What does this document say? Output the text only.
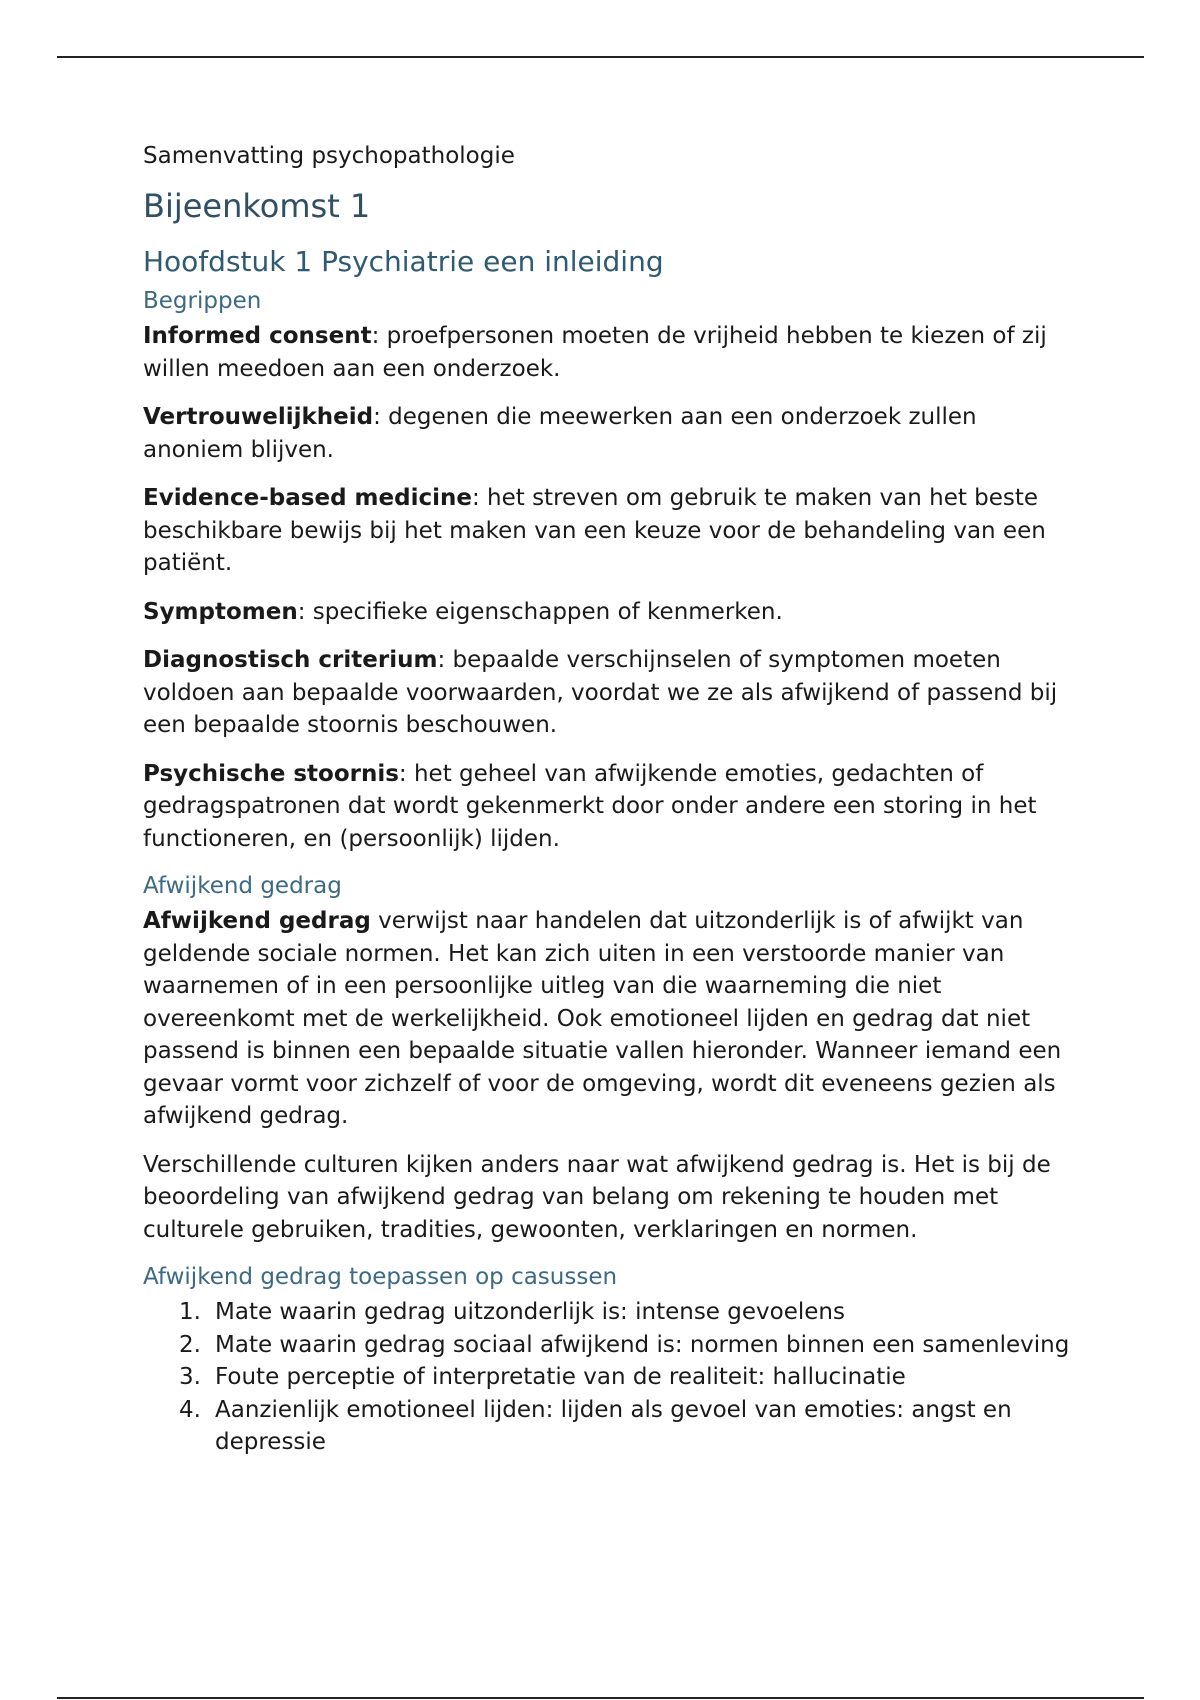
Samenvatting psychopathologie
Bijeenkomst 1
Hoofdstuk 1 Psychiatrie een inleiding
Begrippen

Informed consent: proefpersonen moeten de vrijheid hebben te kiezen of zij willen meedoen aan een onderzoek.

Vertrouwelijkheid: degenen die meewerken aan een onderzoek zullen anoniem blijven.

Evidence-based medicine: het streven om gebruik te maken van het beste beschikbare bewijs bij het maken van een keuze voor de behandeling van een patiënt.

Symptomen: specifieke eigenschappen of kenmerken.

Diagnostisch criterium: bepaalde verschijnselen of symptomen moeten voldoen aan bepaalde voorwaarden, voordat we ze als afwijkend of passend bij een bepaalde stoornis beschouwen.

Psychische stoornis: het geheel van afwijkende emoties, gedachten of gedragspatronen dat wordt gekenmerkt door onder andere een storing in het functioneren, en (persoonlijk) lijden.

Afwijkend gedrag

Afwijkend gedrag verwijst naar handelen dat uitzonderlijk is of afwijkt van geldende sociale normen. Het kan zich uiten in een verstoorde manier van waarnemen of in een persoonlijke uitleg van die waarneming die niet overeenkomt met de werkelijkheid. Ook emotioneel lijden en gedrag dat niet passend is binnen een bepaalde situatie vallen hieronder. Wanneer iemand een gevaar vormt voor zichzelf of voor de omgeving, wordt dit eveneens gezien als afwijkend gedrag.

Verschillende culturen kijken anders naar wat afwijkend gedrag is. Het is bij de beoordeling van afwijkend gedrag van belang om rekening te houden met culturele gebruiken, tradities, gewoonten, verklaringen en normen.

Afwijkend gedrag toepassen op casussen
1. Mate waarin gedrag uitzonderlijk is: intense gevoelens
2. Mate waarin gedrag sociaal afwijkend is: normen binnen een samenleving
3. Foute perceptie of interpretatie van de realiteit: hallucinatie
4. Aanzienlijk emotioneel lijden: lijden als gevoel van emoties: angst en depressie
